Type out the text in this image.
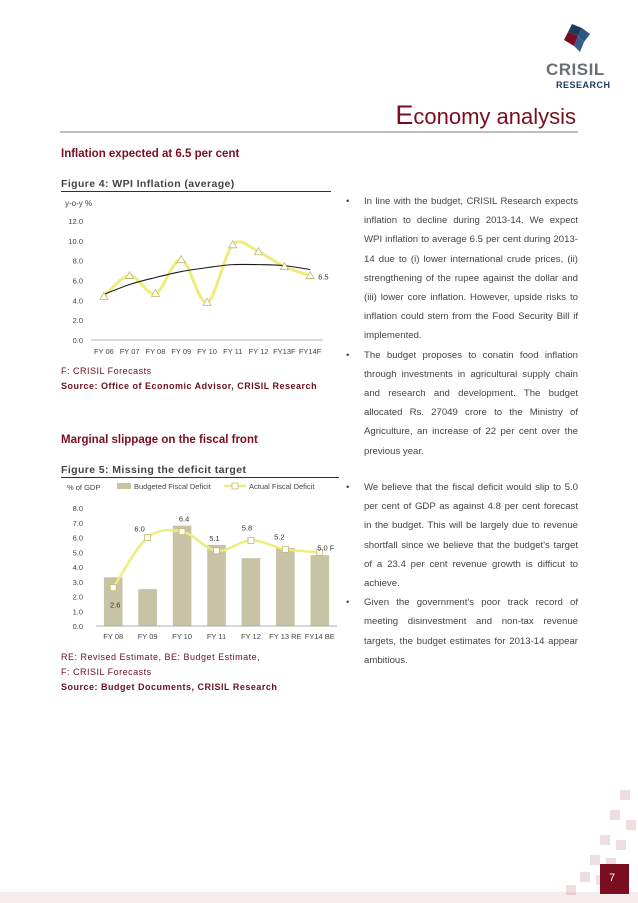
CRISIL
RESEARCH
Economy analysis
Inflation expected at 6.5 per cent
Figure 4: WPI Inflation (average)
y-o-y %
0.0
2.0
4.0
6.0
8.0
10.0
12.0
FY 06 FY 07 FY 08 FY 09 FY 10 FY 11 FY 12 FY13F FY14F
6.5
F: CRISIL Forecasts
Source: Office of Economic Advisor, CRISIL Research

• In line with the budget, CRISIL Research expects inflation to decline during 2013-14. We expect WPI inflation to average 6.5 per cent during 2013-14 due to (i) lower international crude prices, (ii) strengthening of the rupee against the dollar and (iii) lower core inflation. However, upside risks to inflation could stem from the Food Security Bill if implemented.

• The budget proposes to conatin food inflation through investments in agricultural supply chain and research and development. The budget allocated Rs. 27049 crore to the Ministry of Agriculture, an increase of 22 per cent over the previous year.

Marginal slippage on the fiscal front
Figure 5: Missing the deficit target
% of GDP	Budgeted Fiscal Deficit	Actual Fiscal Deficit
0.0
1.0
2.0
3.0
4.0
5.0
6.0
7.0
8.0
FY 08 FY 09 FY 10 FY 11 FY 12 FY 13 RE FY14 BE
2.6
6.0
6.4
5.1
5.8
5.2
5.0 F
RE: Revised Estimate, BE: Budget Estimate,
F: CRISIL Forecasts
Source: Budget Documents, CRISIL Research

• We believe that the fiscal deficit would slip to 5.0 per cent of GDP as against 4.8 per cent forecast in the budget. This will be largely due to revenue shortfall since we believe that the budget's target of a 23.4 per cent revenue growth is difficut to achieve.

• Given the government's poor track record of meeting disinvestment and non-tax revenue targets, the budget estimates for 2013-14 appear ambitious.

7
